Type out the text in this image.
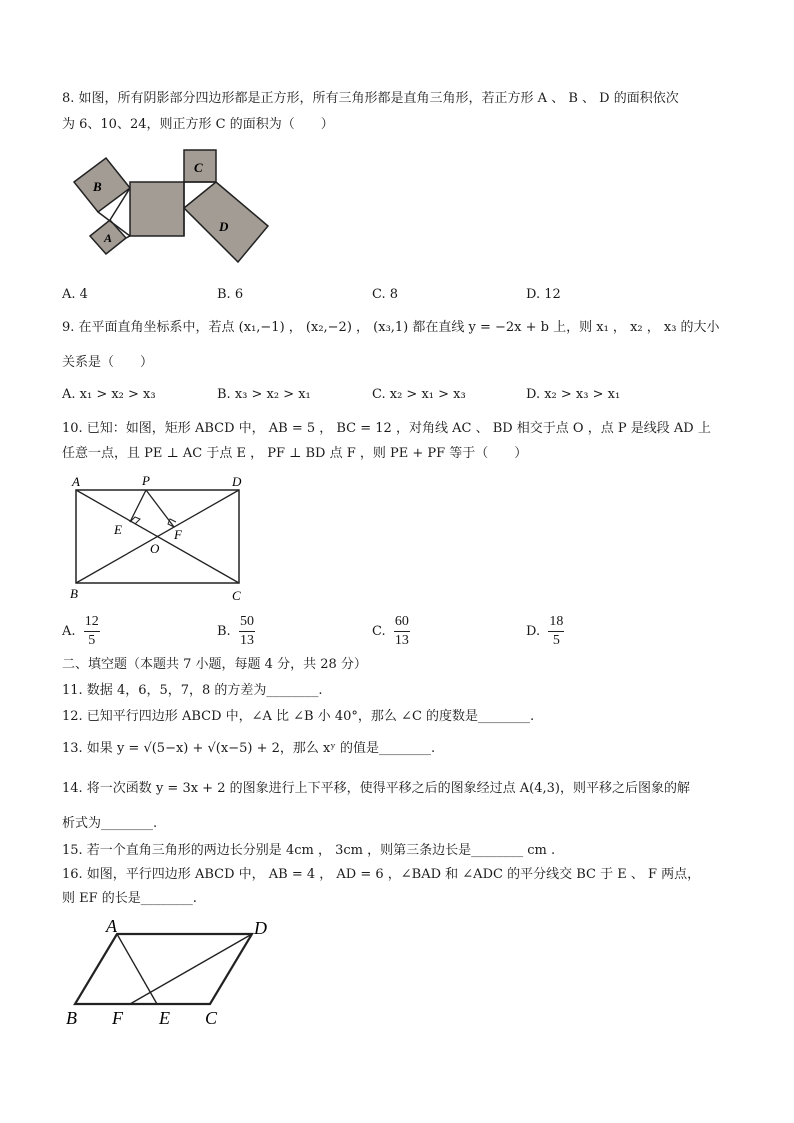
8. 如图，所有阴影部分四边形都是正方形，所有三角形都是直角三角形，若正方形 A 、 B 、 D 的面积依次
为 6、10、24，则正方形 C 的面积为（　　）
B
A
C
D
A. 4	B. 6	C. 8	D. 12
9. 在平面直角坐标系中，若点 (x₁,−1) ， (x₂,−2) ， (x₃,1) 都在直线 y = −2x + b 上，则 x₁ ， x₂ ， x₃ 的大小
关系是（　　）
A. x₁ > x₂ > x₃	B. x₃ > x₂ > x₁	C. x₂ > x₁ > x₃	D. x₂ > x₃ > x₁
10. 已知：如图，矩形 ABCD 中， AB = 5 ， BC = 12 ，对角线 AC 、 BD 相交于点 O ，点 P 是线段 AD 上
任意一点，且 PE ⊥ AC 于点 E ， PF ⊥ BD 点 F ，则 PE + PF 等于（　　）
A	P	D
E	F
O
B	C
A. $\frac{12}{5}$	B. $\frac{50}{13}$	C. $\frac{60}{13}$	D. $\frac{18}{5}$
二、填空题（本题共 7 小题，每题 4 分，共 28 分）
11. 数据 4，6，5，7，8 的方差为________.
12. 已知平行四边形 ABCD 中，∠A 比 ∠B 小 40°，那么 ∠C 的度数是________.
13. 如果 y = √(5−x) + √(x−5) + 2，那么 xʸ 的值是________.
14. 将一次函数 y = 3x + 2 的图象进行上下平移，使得平移之后的图象经过点 A(4,3)，则平移之后图象的解
析式为________.
15. 若一个直角三角形的两边长分别是 4cm ， 3cm ，则第三条边长是________ cm .
16. 如图，平行四边形 ABCD 中， AB = 4 ， AD = 6 ，∠BAD 和 ∠ADC 的平分线交 BC 于 E 、 F 两点，
则 EF 的长是________.
A	D
B F E C
